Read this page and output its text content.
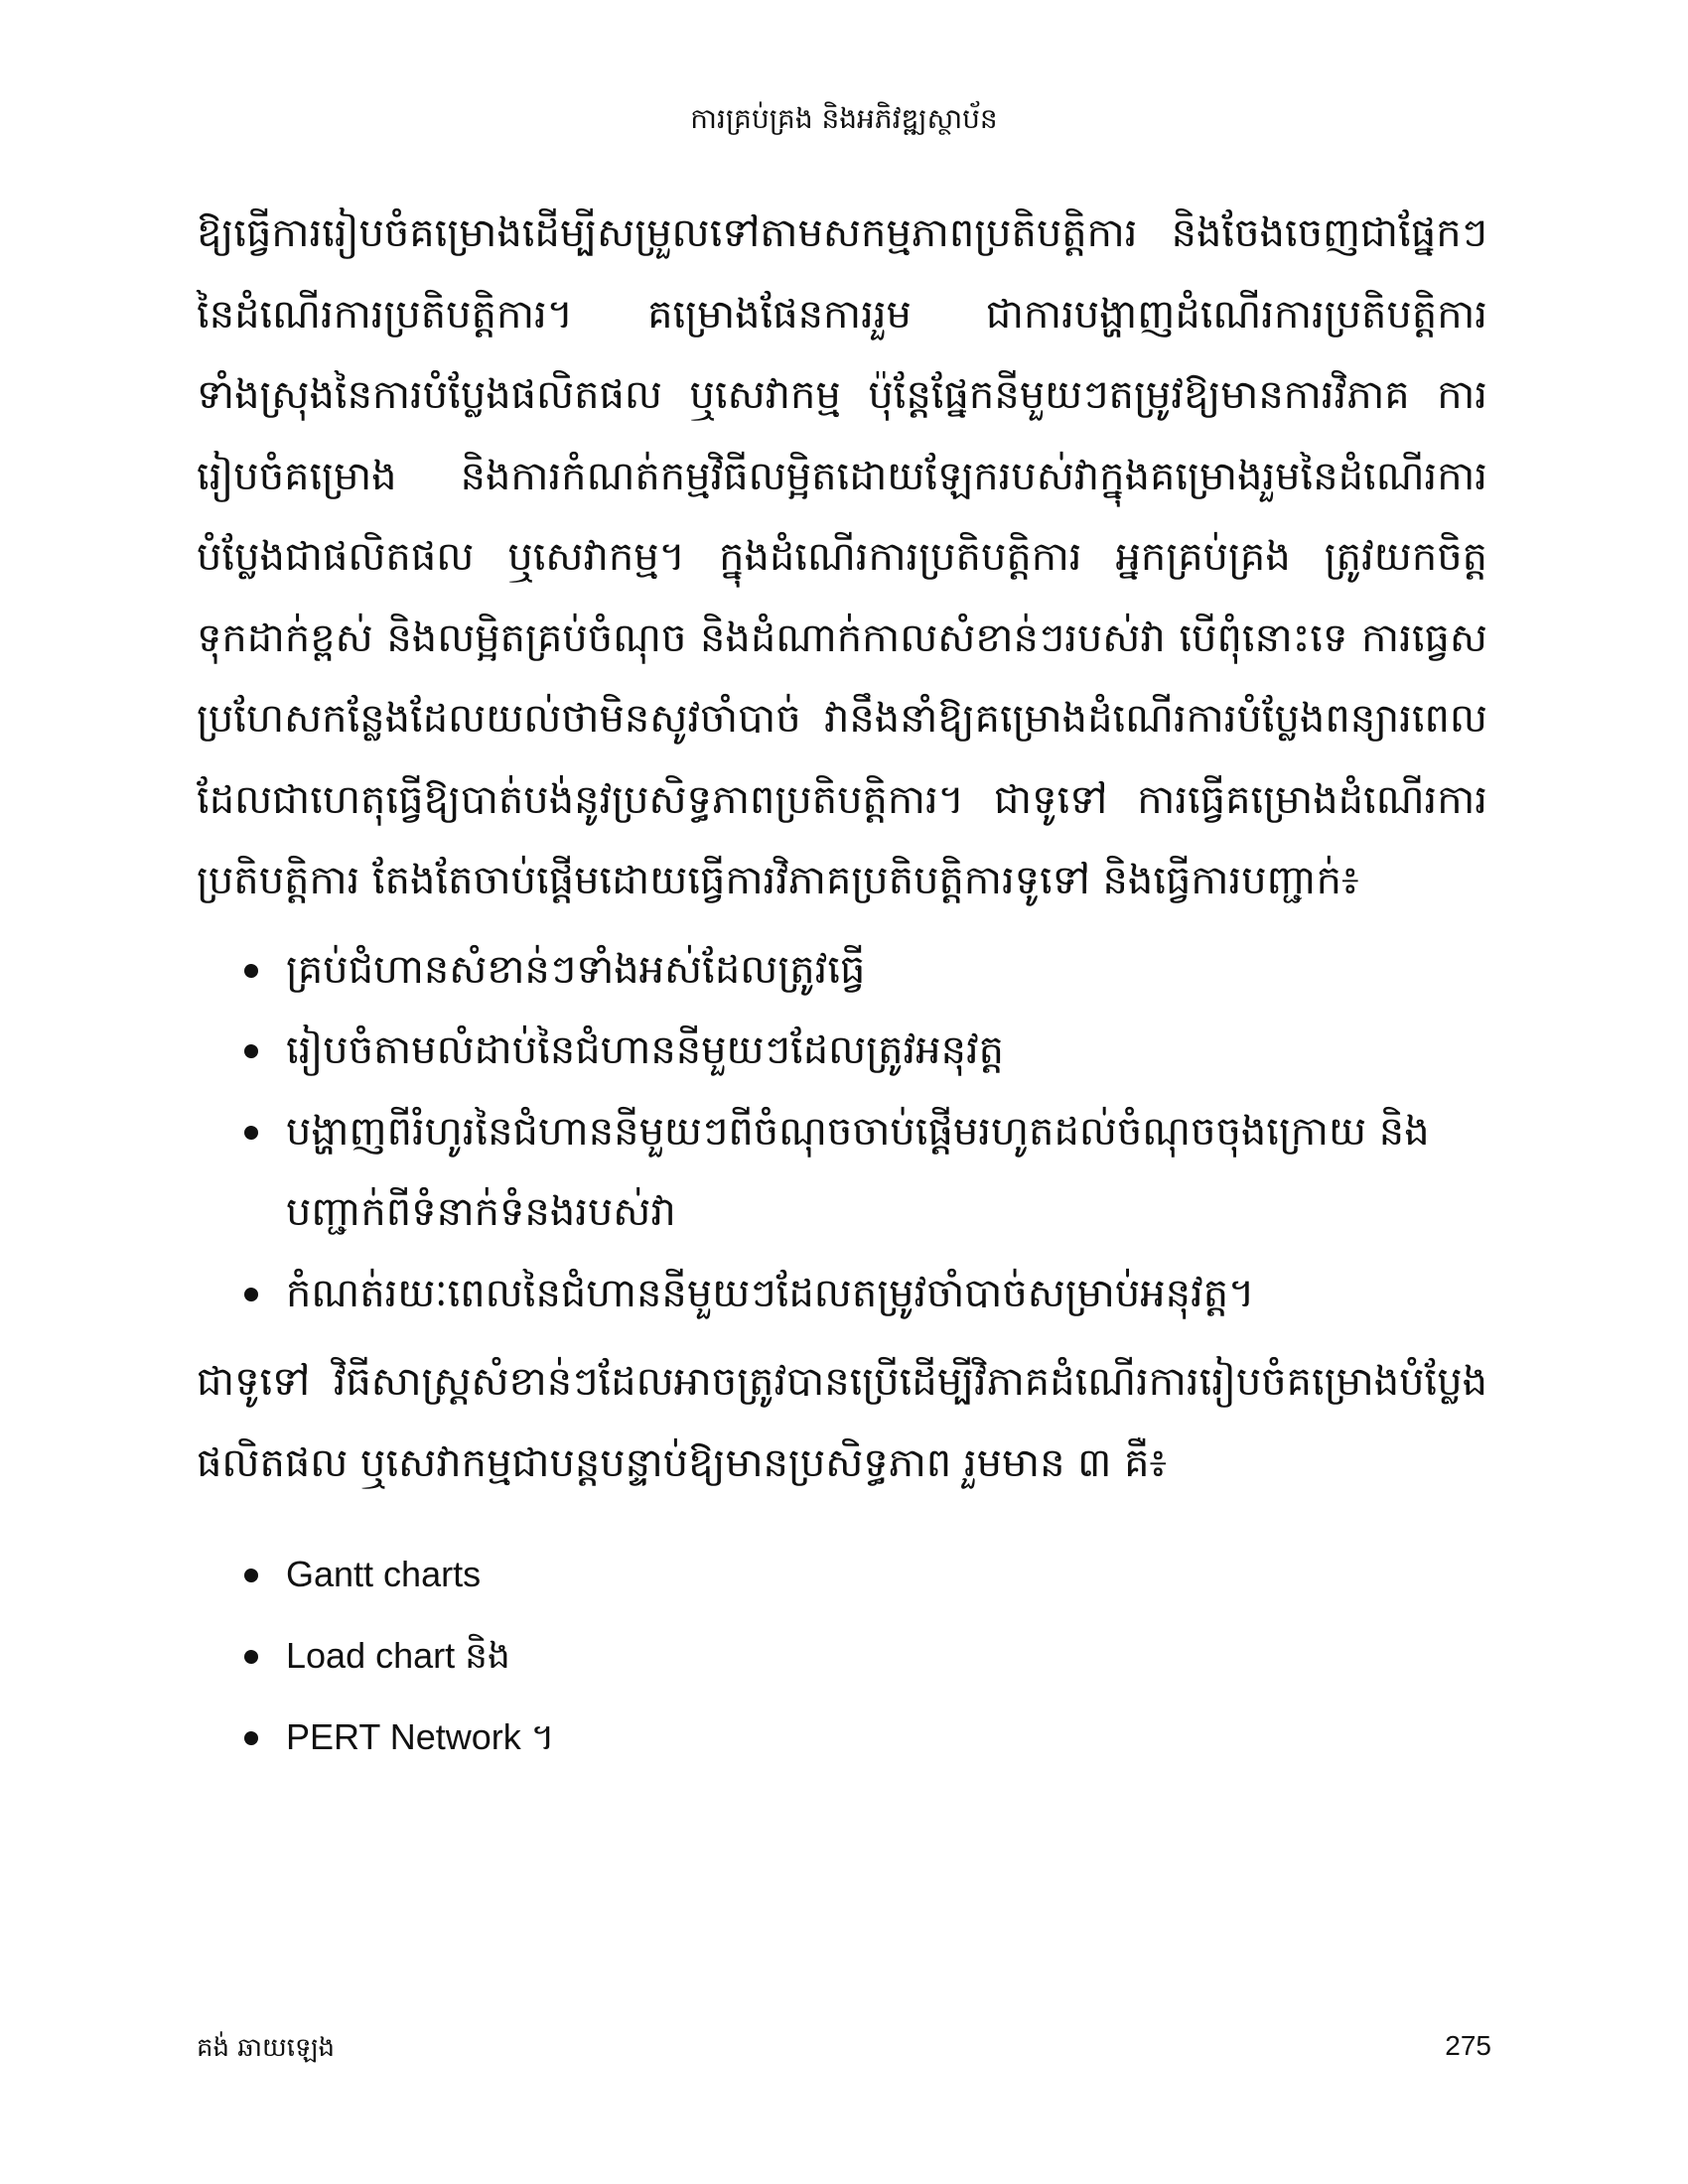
ការគ្រប់គ្រង និងអភិវឌ្ឍស្ថាប័ន

ឱ្យធ្វើការរៀបចំគម្រោងដើម្បីសម្រួលទៅតាមសកម្មភាពប្រតិបត្តិការ និងចែងចេញជាផ្នែកៗនៃដំណើរការប្រតិបត្តិការ។ គម្រោងផែនការរួម ជាការបង្ហាញដំណើរការប្រតិបត្តិការទាំងស្រុងនៃការបំប្លែងផលិតផល ឬសេវាកម្ម ប៉ុន្តែផ្នែកនីមួយៗតម្រូវឱ្យមានការវិភាគ ការរៀបចំគម្រោង និងការកំណត់កម្មវិធីលម្អិតដោយឡែករបស់វាក្នុងគម្រោងរួមនៃដំណើរការបំប្លែងជាផលិតផល ឬសេវាកម្ម។ ក្នុងដំណើរការប្រតិបត្តិការ អ្នកគ្រប់គ្រង ត្រូវយកចិត្តទុកដាក់ខ្ពស់ និងលម្អិតគ្រប់ចំណុច និងដំណាក់កាលសំខាន់ៗរបស់វា បើពុំនោះទេ ការធ្វេសប្រហែសកន្លែងដែលយល់ថាមិនសូវចាំបាច់ វានឹងនាំឱ្យគម្រោងដំណើរការបំប្លែងពន្យារពេល ដែលជាហេតុធ្វើឱ្យបាត់បង់នូវប្រសិទ្ធភាពប្រតិបត្តិការ។ ជាទូទៅ ការធ្វើគម្រោងដំណើរការប្រតិបត្តិការ តែងតែចាប់ផ្តើមដោយធ្វើការវិភាគប្រតិបត្តិការទូទៅ និងធ្វើការបញ្ជាក់៖

គ្រប់ជំហានសំខាន់ៗទាំងអស់ដែលត្រូវធ្វើ
រៀបចំតាមលំដាប់នៃជំហាននីមួយៗដែលត្រូវអនុវត្ត
បង្ហាញពីរំហូរនៃជំហាននីមួយៗពីចំណុចចាប់ផ្តើមរហូតដល់ចំណុចចុងក្រោយ និងបញ្ជាក់ពីទំនាក់ទំនងរបស់វា
កំណត់រយៈពេលនៃជំហាននីមួយៗដែលតម្រូវចាំបាច់សម្រាប់អនុវត្ត។

ជាទូទៅ វិធីសាស្ត្រសំខាន់ៗដែលអាចត្រូវបានប្រើដើម្បីវិភាគដំណើរការរៀបចំគម្រោងបំប្លែងផលិតផល ឬសេវាកម្មជាបន្តបន្ទាប់ឱ្យមានប្រសិទ្ធភាព រួមមាន ៣ គឺ៖

Gantt charts
Load chart និង
PERT Network ។
គង់ ឆាយឡេង	275
